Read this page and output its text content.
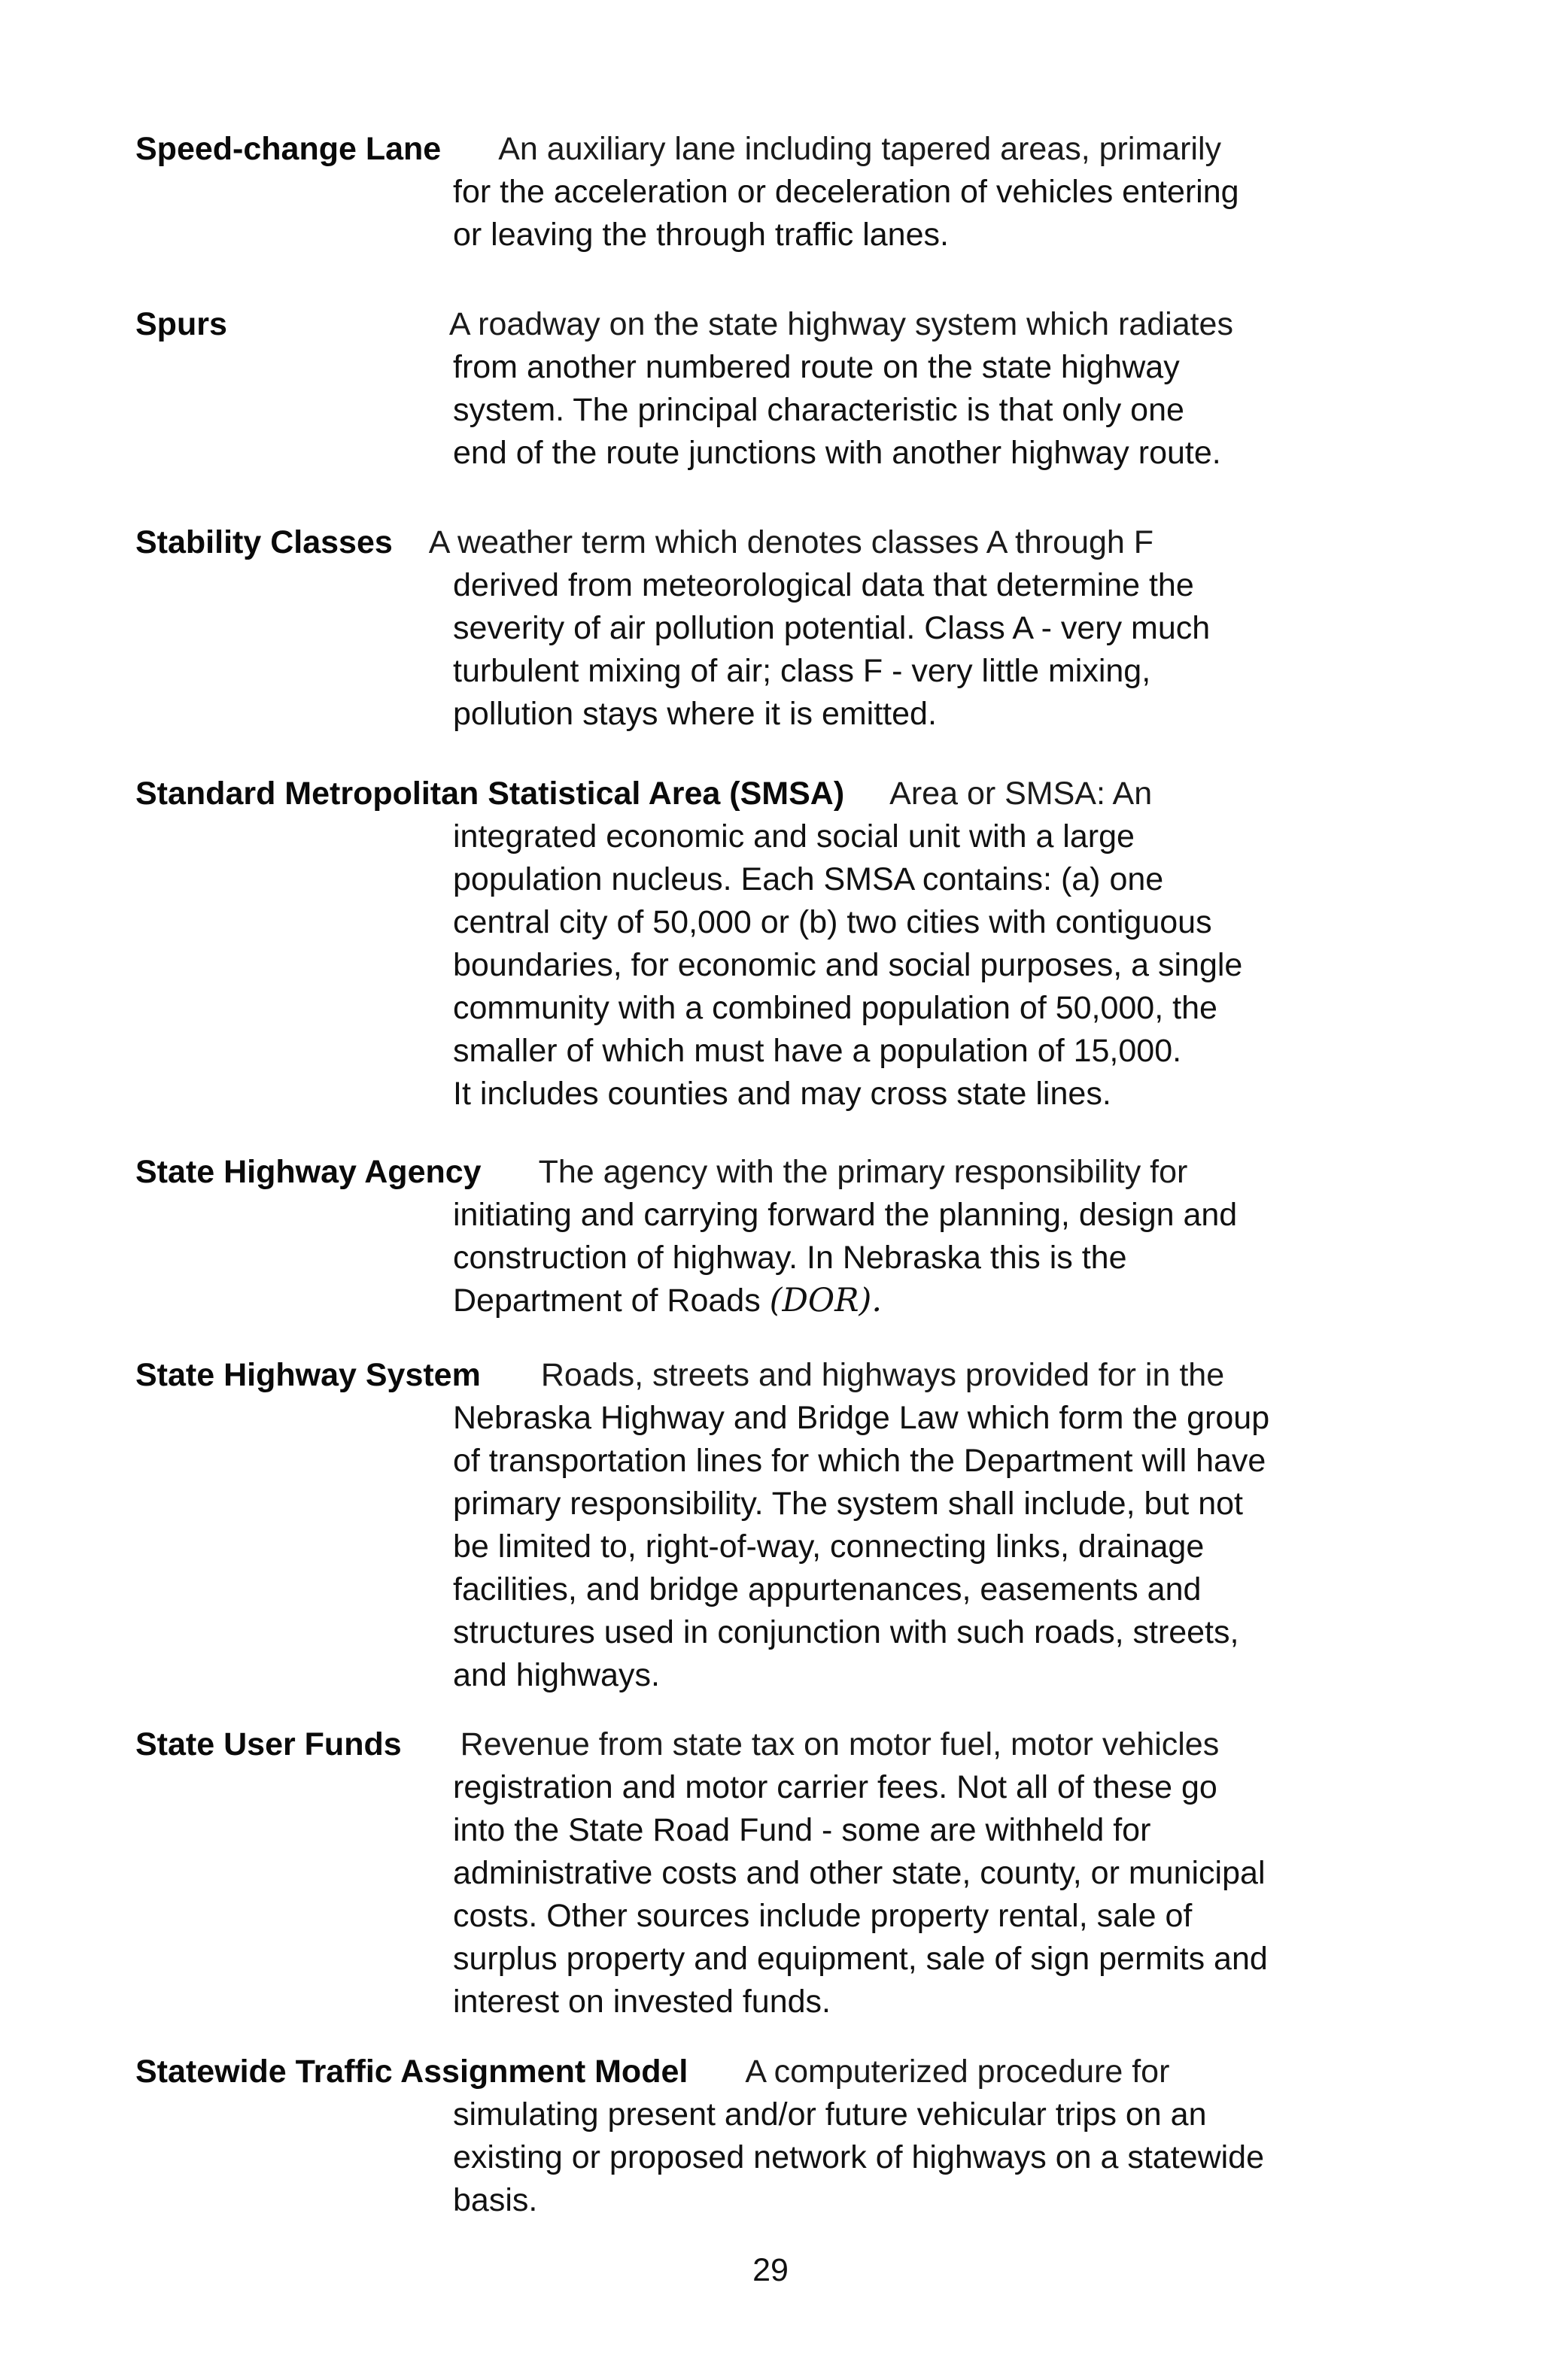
Speed-change Lane An auxiliary lane including tapered areas, primarily
for the acceleration or deceleration of vehicles entering
or leaving the through traffic lanes.
Spurs	A roadway on the state highway system which radiates
from another numbered route on the state highway
system. The principal characteristic is that only one
end of the route junctions with another highway route.
Stability Classes A weather term which denotes classes A through F
derived from meteorological data that determine the
severity of air pollution potential. Class A - very much
turbulent mixing of air; class F - very little mixing,
pollution stays where it is emitted.
Standard Metropolitan Statistical Area (SMSA) Area or SMSA: An
integrated economic and social unit with a large
population nucleus. Each SMSA contains: (a) one
central city of 50,000 or (b) two cities with contiguous
boundaries, for economic and social purposes, a single
community with a combined population of 50,000, the
smaller of which must have a population of 15,000.
It includes counties and may cross state lines.
State Highway Agency The agency with the primary responsibility for
initiating and carrying forward the planning, design and
construction of highway. In Nebraska this is the
Department of Roads (DOR).
State Highway System Roads, streets and highways provided for in the
Nebraska Highway and Bridge Law which form the group
of transportation lines for which the Department will have
primary responsibility. The system shall include, but not
be limited to, right-of-way, connecting links, drainage
facilities, and bridge appurtenances, easements and
structures used in conjunction with such roads, streets,
and highways.
State User Funds Revenue from state tax on motor fuel, motor vehicles
registration and motor carrier fees. Not all of these go
into the State Road Fund - some are withheld for
administrative costs and other state, county, or municipal
costs. Other sources include property rental, sale of
surplus property and equipment, sale of sign permits and
interest on invested funds.
Statewide Traffic Assignment Model A computerized procedure for
simulating present and/or future vehicular trips on an
existing or proposed network of highways on a statewide
basis.
29
